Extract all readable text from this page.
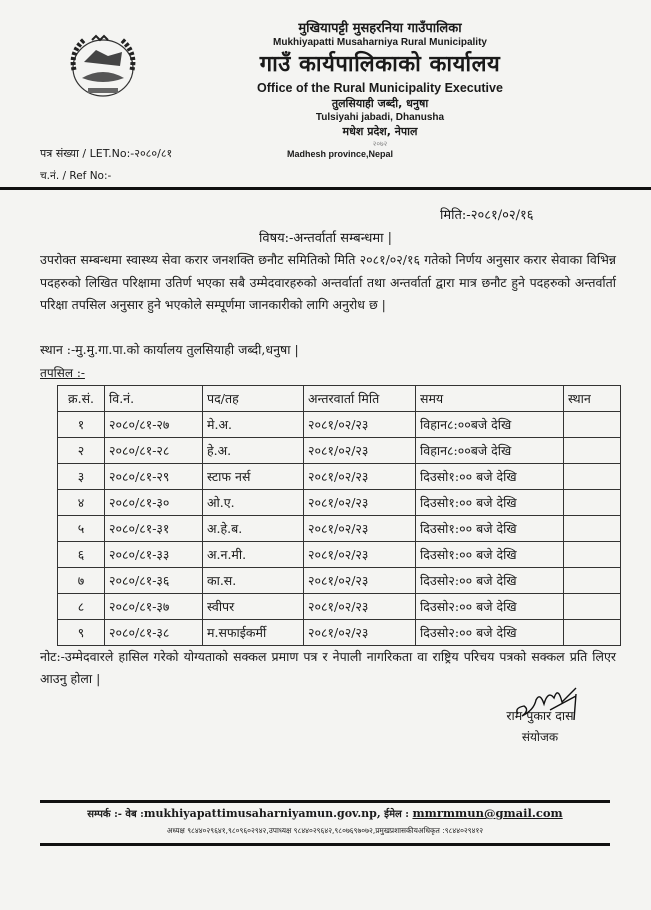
मुखियापट्टी मुसहरनिया गाउँपालिका
Mukhiyapatti Musaharniya Rural Municipality
गाउँ कार्यपालिकाको कार्यालय
Office of the Rural Municipality Executive
तुलसियाही जब्दी, धनुषा
Tulsiyahi jabadi, Dhanusha
मधेश प्रदेश, नेपाल
२०७२
Madhesh province,Nepal
पत्र संख्या / LET.No:-२०८०/८१
च.नं. / Ref No:-
मिति:-२०८१/०२/१६
विषय:-अन्तर्वार्ता सम्बन्धमा |
उपरोक्त सम्बन्धमा स्वास्थ्य सेवा करार जनशक्ति छनौट समितिको मिति २०८१/०२/१६ गतेको निर्णय अनुसार करार सेवाका विभिन्न पदहरुको लिखित परिक्षामा उतिर्ण भएका सबै उम्मेदवारहरुको अन्तर्वार्ता तथा अन्तर्वार्ता द्वारा मात्र छनौट हुने पदहरुको अन्तर्वार्ता परिक्षा तपसिल अनुसार हुने भएकोले सम्पूर्णमा जानकारीको लागि अनुरोध छ |
स्थान :-मु.मु.गा.पा.को कार्यालय तुलसियाही जब्दी,धनुषा |
तपसिल :-
क्र.सं.	वि.नं.	पद/तह	अन्तरवार्ता मिति	समय	स्थान
१	२०८०/८१-२७	मे.अ.	२०८१/०२/२३	विहान८:००बजे देखि	
२	२०८०/८१-२८	हे.अ.	२०८१/०२/२३	विहान८:००बजे देखि	
३	२०८०/८१-२९	स्टाफ नर्स	२०८१/०२/२३	दिउसो१:०० बजे देखि	
४	२०८०/८१-३०	ओ.ए.	२०८१/०२/२३	दिउसो१:०० बजे देखि	
५	२०८०/८१-३१	अ.हे.ब.	२०८१/०२/२३	दिउसो१:०० बजे देखि	
६	२०८०/८१-३३	अ.न.मी.	२०८१/०२/२३	दिउसो१:०० बजे देखि	
७	२०८०/८१-३६	का.स.	२०८१/०२/२३	दिउसो२:०० बजे देखि	
८	२०८०/८१-३७	स्वीपर	२०८१/०२/२३	दिउसो२:०० बजे देखि	
९	२०८०/८१-३८	म.सफाईकर्मी	२०८१/०२/२३	दिउसो२:०० बजे देखि	
नोट:-उम्मेदवारले हासिल गरेको योग्यताको सक्कल प्रमाण पत्र र नेपाली नागरिकता वा राष्ट्रिय परिचय पत्रको सक्कल प्रति लिएर आउनु होला |
राम पुकार दास
संयोजक
सम्पर्क :- वेब :mukhiyapattimusaharniyamun.gov.np, ईमेल : mmrmmun@gmail.com
अध्यक्ष ९८४४०२९६४१,९८०९६०२९४२,उपाध्यक्ष ९८४४०२९६४२,९८०७६९७०७२,प्रमुखप्रशासकीयअधिकृत :९८४४०२९४१२
